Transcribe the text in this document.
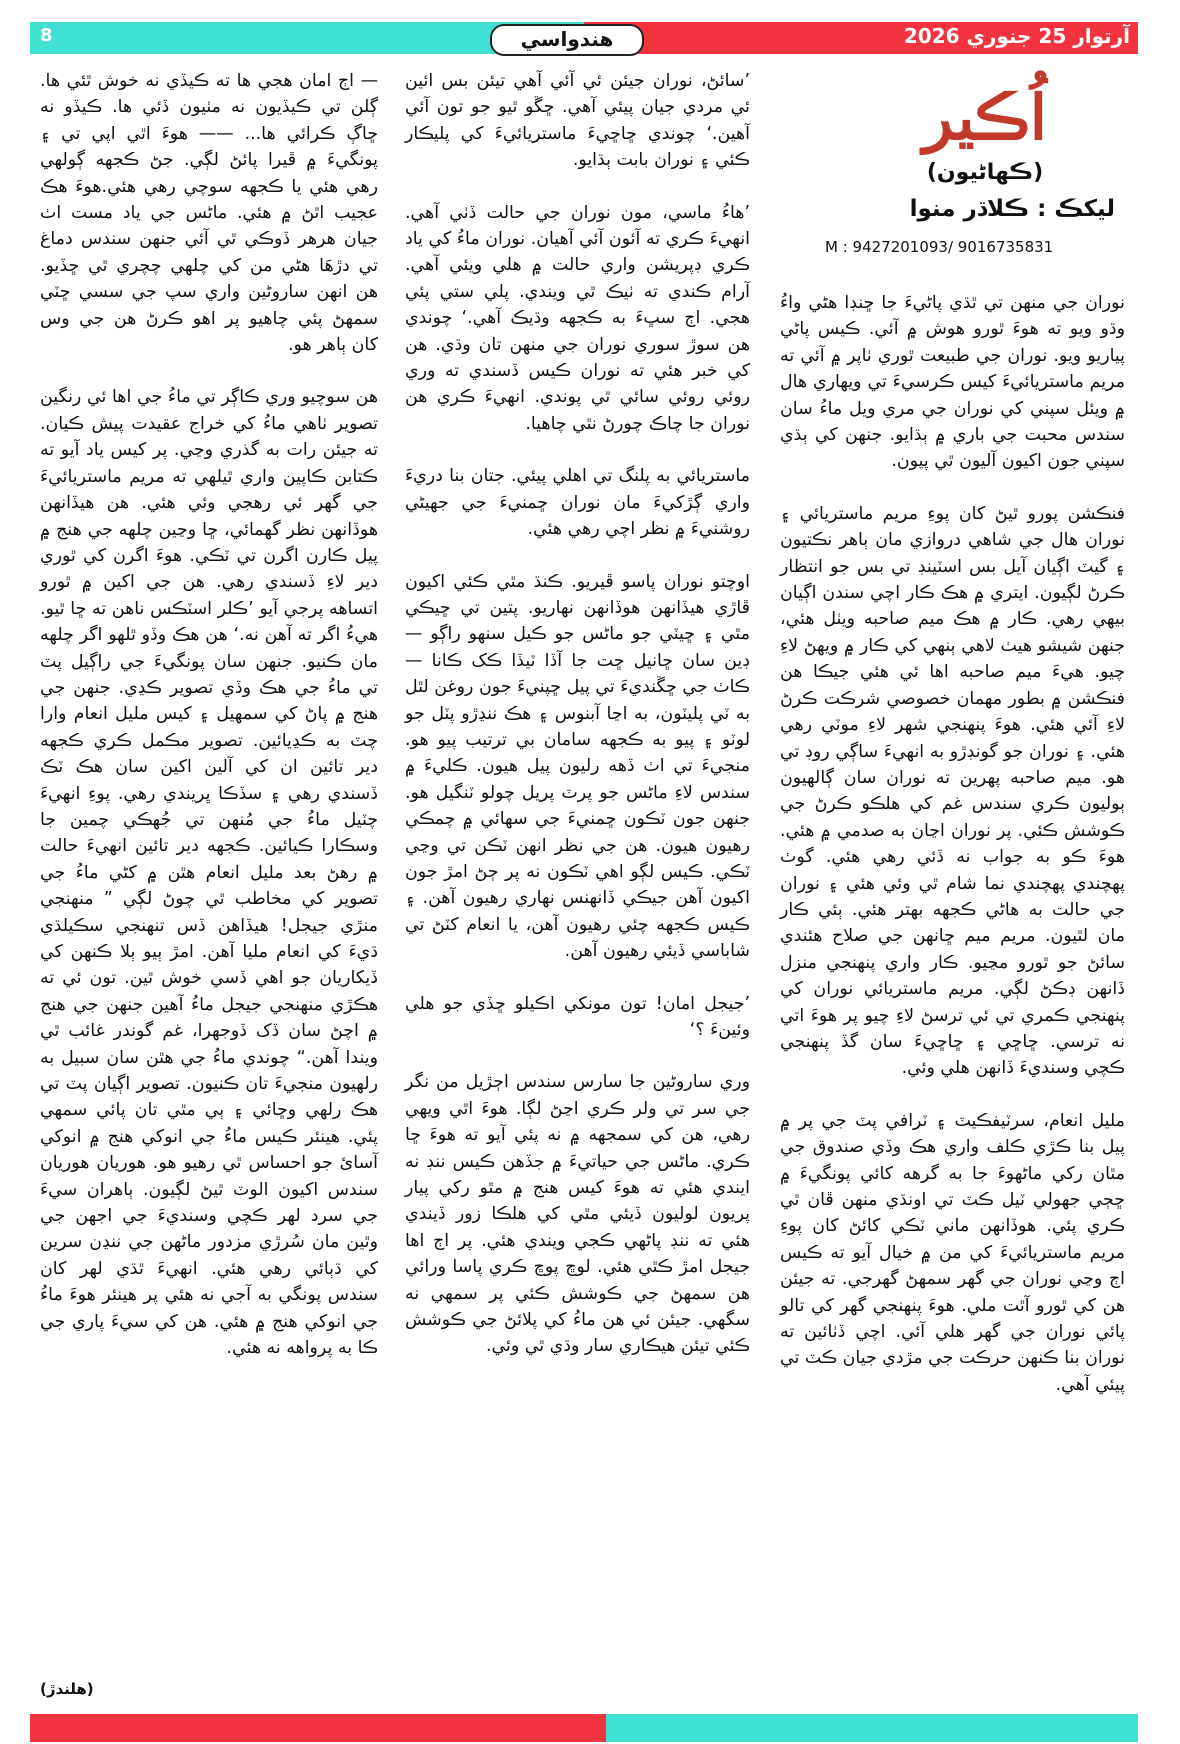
8	آرتوار 25 جنوري 2026
هندواسي
اُڪير
(ڪهاڻيون)
ليکڪ : ڪلاڌر منوا
M : 9427201093/ 9016735831

نوران جي منهن تي ٿڌي پاڻيءَ جا ڇنڊا هڻي واءُ وڌو ويو ته هوءَ ٿورو هوش ۾ آئي. ڪيس پاڻي پياريو ويو. نوران جي طبيعت ٿوري ٺاپر ۾ آئي ته مريم ماستريائيءَ کيس ڪرسيءَ تي ويهاري هال ۾ ويئل سپني کي نوران جي مري ويل ماءُ سان سندس محبت جي باري ۾ ٻڌايو. جنهن کي ٻڌي سپني جون اکيون آليون ٿي پيون.

فنڪشن پورو ٿيڻ کان پوءِ مريم ماستريائي ۽ نوران هال جي شاهي دروازي مان ٻاهر نڪتيون ۽ گيٽ اڳيان آيل بس اسٽينڊ تي بس جو انتظار ڪرڻ لڳيون. ايتري ۾ هڪ ڪار اچي سندن اڳيان بيهي رهي. ڪار ۾ هڪ ميم صاحبه ويٺل هئي، جنهن شيشو هيٺ لاهي ٻنهي کي ڪار ۾ ويهڻ لاءِ چيو. هيءَ ميم صاحبه اها ئي هئي جيڪا هن فنڪشن ۾ بطور مهمان خصوصي شرڪت ڪرڻ لاءِ آئي هئي. هوءَ پنهنجي شهر لاءِ موٽي رهي هئي. ۽ نوران جو گونڊڙو به انهيءَ ساڳي روڊ تي هو. ميم صاحبه پهرين ته نوران سان ڳالهيون ٻوليون ڪري سندس غم کي هلڪو ڪرڻ جي ڪوشش ڪئي. پر نوران اڃان به صدمي ۾ هئي. هوءَ ڪو به جواب نه ڏئي رهي هئي. گوٺ پهچندي پهچندي نما شام ٿي وئي هئي ۽ نوران جي حالت به هاڻي ڪجهه بهتر هئي. ٻئي ڪار مان لٿيون. مريم ميم ڇانهن جي صلاح هئندي سائڻ جو ٿورو مڃيو. ڪار واري پنهنجي منزل ڏانهن ڊڪڻ لڳي. مريم ماستريائي نوران کي پنهنجي ڪمري تي ئي ترسڻ لاءِ چيو پر هوءَ اتي نه ترسي. ڇاڇي ۽ ڇاڇيءَ سان گڏ پنهنجي ڪچي وسنديءَ ڏانهن هلي وئي.

مليل انعام، سرٽيفڪيٽ ۽ ٽرافي پٽ جي پر ۾ پيل بنا ڪڙي ڪلف واري هڪ وڏي صندوق جي مٿان رکي ماڻهوءَ جا به گرهه کائي پونگيءَ ۾ ڇڄي جهولي ٽيل ڪٽ تي اونڌي منهن ڦان ٿي ڪري پئي. هوڏانهن ماني ٽڪي کائڻ کان پوءِ مريم ماستريائيءَ کي من ۾ خيال آيو ته ڪيس اڄ وڃي نوران جي گهر سمهڻ گهرجي. ته جيئن هن کي ٿورو آٿت ملي. هوءَ پنهنجي گهر کي تالو پائي نوران جي گهر هلي آئي. اچي ڏٺائين ته نوران بنا ڪنهن حرڪت جي مڙدي جيان ڪٽ تي پيئي آهي.

’سائڻ، نوران جيئن ئي آئي آهي تيئن بس ائين ئي مردي جيان پيئي آهي. ڇڱو ٿيو جو تون آئي آهين.‘ چوندي ڇاڇيءَ ماستريائيءَ کي پليڪار ڪئي ۽ نوران بابت ٻڌايو.

’هاءُ ماسي، مون نوران جي حالت ڏٺي آهي. انهيءَ ڪري ته آئون آئي آهيان. نوران ماءُ کي ياد ڪري ڊپريشن واري حالت ۾ هلي ويئي آهي. آرام ڪندي ته ٺيڪ ٿي ويندي. پلي ستي پئي هجي. اڄ سڀءَ به ڪجهه وڌيڪ آهي.‘ چوندي هن سوڙ سوري نوران جي منهن تان وڌي. هن کي خبر هئي ته نوران ڪيس ڏسندي ته وري روئي روئي سائي ٿي پوندي. انهيءَ ڪري هن نوران جا چاڪ چورڻ نٿي چاهيا.

ماستريائي به پلنگ تي اهلي پيئي. جتان بنا دريءَ واري ڳڙکيءَ مان نوران ڇمنيءَ جي جهيڻي روشنيءَ ۾ نظر اچي رهي هئي.

اوچتو نوران پاسو ڦيريو. ڪنڌ مٿي ڪئي اکيون ڦاڙي هيڏانهن هوڏانهن نهاريو. پتين تي ڇيڪي مٿي ۽ ڇيٽي جو ماڻس جو ڪيل سنهو راڳو — ڊين سان ڇانيل ڇت جا آڏا ٽيڏا ڪک ڪانا — ڪاٺ جي ڇڱنديءَ تي پيل ڇپنيءَ جون روغن لٿل به ٽي پليٽون، به اڃا آبنوس ۽ هڪ ننڍڙو پٽل جو لوٽو ۽ پيو به ڪجهه سامان بي ترتيب پيو هو. منجيءَ تي اٺ ڏهه رليون پيل هيون. ڪليءَ ۾ سندس لاءِ ماڻس جو پرٽ پريل چولو ٽنگيل هو. جنهن جون ٽڪون ڇمنيءَ جي سهائي ۾ چمڪي رهيون هيون. هن جي نظر انهن ٽڪن تي وڃي ٽڪي. ڪيس لڳو اهي ٽڪون نه پر ڄڻ امڙ جون اکيون آهن جيڪي ڏانهنس نهاري رهيون آهن. ۽ ڪيس ڪجهه چئي رهيون آهن، يا انعام کٽڻ تي شاباسي ڏيئي رهيون آهن.

’جيجل امان! تون مونکي اڪيلو ڇڏي جو هلي وئينءَ ؟‘

وري ساروڻين جا سارس سندس اڄڙيل من نگر جي سر تي ولر ڪري اڃڻ لڳا. هوءَ اٿي ويهي رهي، هن کي سمجهه ۾ نه پئي آيو ته هوءَ ڇا ڪري. ماڻس جي حياتيءَ ۾ جڏهن ڪيس ننڊ نه ايندي هئي ته هوءَ کيس هنج ۾ مٿو رکي پيار پريون لوليون ڏيئي مٿي کي هلڪا زور ڏيندي هئي ته ننڊ پاڻهي ڪجي ويندي هئي. پر اڄ اها جيجل امڙ ڪٿي هئي. لوڇ پوڇ ڪري پاسا ورائي هن سمهڻ جي ڪوشش ڪئي پر سمهي نه سگهي. جيئن ئي هن ماءُ کي پلائڻ جي ڪوشش ڪئي تيئن هيڪاري سار وڌي ٿي وئي.

— اڄ امان هجي ها ته ڪيڏي نه خوش ٿئي ها. ڳلن تي ڪيڏيون نه مٺيون ڏئي ها. ڪيڏو نه ڇاڳ ڪرائي ها... —— هوءَ اٿي اپي تي ۽ پونگيءَ ۾ ڦيرا پائڻ لڳي. جڻ ڪجهه ڳولهي رهي هئي يا ڪجهه سوچي رهي هئي.هوءَ هڪ عجيب اٿڻ ۾ هئي. ماڻس جي ياد مست اٺ جيان هرهر ڏوڪي ٿي آئي جنهن سندس دماغ تي دڙهَا هڻي من کي چلهي چچري ٿي ڇڏيو. هن انهن ساروڻين واري سپ جي سسي ڇٽي سمهڻ پئي چاهيو پر اهو ڪرڻ هن جي وس کان ٻاهر هو.

هن سوچيو وري ڪاڳر تي ماءُ جي اها ئي رنگين تصوير ٺاهي ماءُ کي خراج عقيدت پيش ڪيان. ته جيئن رات به گذري وڃي. پر کيس ياد آيو ته ڪتابن ڪاپين واري ٿيلهي ته مريم ماستريائيءَ جي گهر ئي رهجي وئي هئي. هن هيڏانهن هوڏانهن نظر گهمائي، ڇا وڃين چلهه جي هنج ۾ پيل ڪارن اگرن تي ٽڪي. هوءَ اگرن کي ٿوري دير لاءِ ڏسندي رهي. هن جي اکين ۾ ٿورو اتساهه پرجي آيو ’ڪلر اسٽڪس ناهن ته ڇا ٿيو. هيءُ اگر ته آهن نه.‘ هن هڪ وڏو ٿلهو اگر چلهه مان ڪنيو. جنهن سان پونگيءَ جي راڳيل پٽ تي ماءُ جي هڪ وڏي تصوير ڪڍي. جنهن جي هنج ۾ پاڻ کي سمهيل ۽ کيس مليل انعام وارا چٽ به ڪڍيائين. تصوير مڪمل ڪري ڪجهه دير تائين ان کي آلين اکين سان هڪ ٽڪ ڏسندي رهي ۽ سڏڪا ڀريندي رهي. پوءِ انهيءَ چٽيل ماءُ جي مُنهن تي جُهڪي چمين جا وسڪارا ڪيائين. ڪجهه دير تائين انهيءَ حالت ۾ رهڻ بعد مليل انعام هٿن ۾ کڻي ماءُ جي تصوير کي مخاطب ٿي چوڻ لڳي ” منهنجي منڙي جيجل! هيڏاهن ڏس تنهنجي سڪيلڌي ڌيءَ کي انعام مليا آهن. امڙ ٻيو ٻلا ڪنهن کي ڏيکاريان جو اهي ڏسي خوش ٿين. تون ئي ته هڪڙي منهنجي جيجل ماءُ آهين جنهن جي هنج ۾ اچڻ سان ڏک ڏوجهرا، غم گوندر غائب ٿي ويندا آهن.“ چوندي ماءُ جي هٿن سان سبيل به رلهيون منجيءَ تان ڪنيون. تصوير اڳيان پٽ تي هڪ رلهي وڇائي ۽ ٻي مٿي تان پائي سمهي پئي. هينئر ڪيس ماءُ جي انوکي هنج ۾ انوکي آسائ جو احساس ٿي رهيو هو. هوريان هوريان سندس اکيون الوٽ ٿيڻ لڳيون. ٻاهران سيءَ جي سرد لهر ڪچي وسنديءَ جي اجهن جي وٿين مان سُرڙي مزدور ماڻهن جي ننڍن سرين کي ڌٻائي رهي هئي. انهيءَ ٿڌي لهر کان سندس پونگي به آجي نه هئي پر هينئر هوءَ ماءُ جي انوکي هنج ۾ هئي. هن کي سيءَ پاري جي ڪا به پرواهه نه هئي.

(هلندڙ)
